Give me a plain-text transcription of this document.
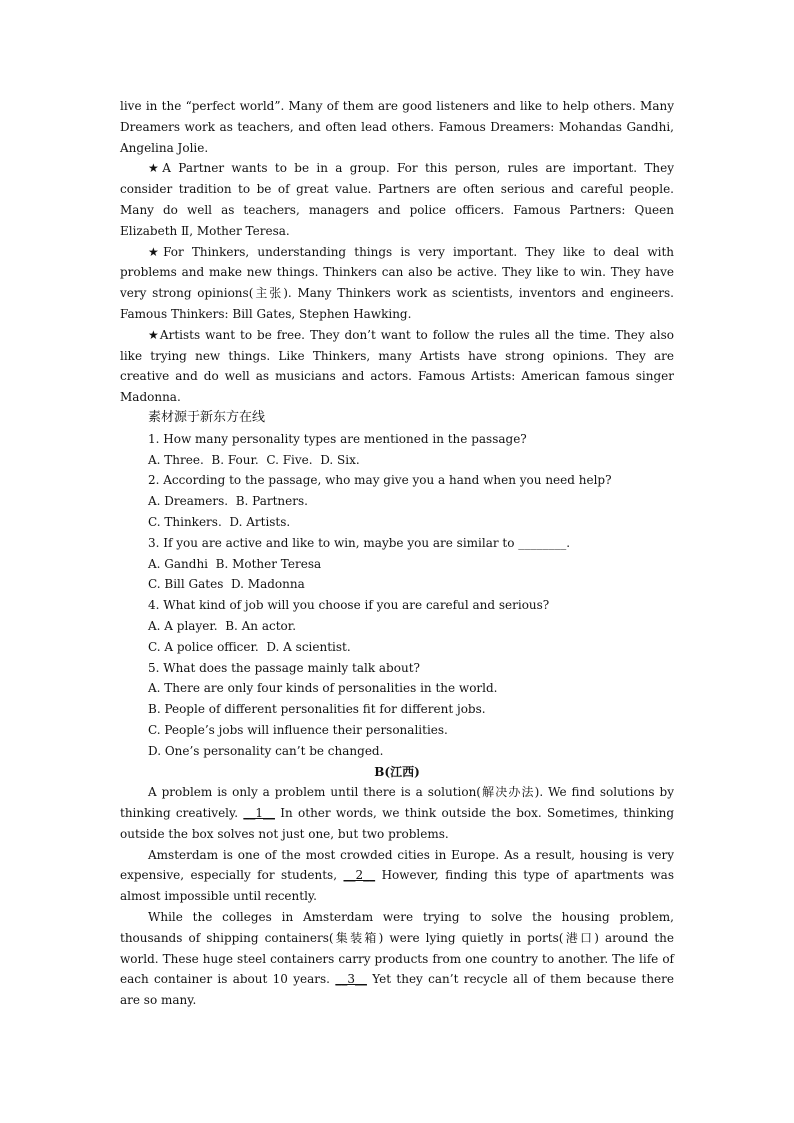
live in the “perfect world”. Many of them are good listeners and like to help others. Many Dreamers work as teachers, and often lead others. Famous Dreamers: Mohandas Gandhi, Angelina Jolie.

★A Partner wants to be in a group. For this person, rules are important. They consider tradition to be of great value. Partners are often serious and careful people. Many do well as teachers, managers and police officers. Famous Partners: Queen Elizabeth Ⅱ, Mother Teresa.

★For Thinkers, understanding things is very important. They like to deal with problems and make new things. Thinkers can also be active. They like to win. They have very strong opinions(主张). Many Thinkers work as scientists, inventors and engineers. Famous Thinkers: Bill Gates, Stephen Hawking.

★Artists want to be free. They don’t want to follow the rules all the time. They also like trying new things. Like Thinkers, many Artists have strong opinions. They are creative and do well as musicians and actors. Famous Artists: American famous singer Madonna.

素材源于新东方在线

1. How many personality types are mentioned in the passage?

A. Three.  B. Four.  C. Five.  D. Six.

2. According to the passage, who may give you a hand when you need help?

A. Dreamers.  B. Partners.

C. Thinkers.  D. Artists.

3. If you are active and like to win, maybe you are similar to ________.

A. Gandhi  B. Mother Teresa

C. Bill Gates  D. Madonna

4. What kind of job will you choose if you are careful and serious?

A. A player.  B. An actor.

C. A police officer.  D. A scientist.

5. What does the passage mainly talk about?

A. There are only four kinds of personalities in the world.

B. People of different personalities fit for different jobs.

C. People’s jobs will influence their personalities.

D. One’s personality can’t be changed.

B(江西)

A problem is only a problem until there is a solution(解决办法). We find solutions by thinking creatively. __1__ In other words, we think outside the box. Sometimes, thinking outside the box solves not just one, but two problems.

Amsterdam is one of the most crowded cities in Europe. As a result, housing is very expensive, especially for students, __2__ However, finding this type of apartments was almost impossible until recently.

While the colleges in Amsterdam were trying to solve the housing problem, thousands of shipping containers(集装箱) were lying quietly in ports(港口) around the world. These huge steel containers carry products from one country to another. The life of each container is about 10 years. __3__ Yet they can’t recycle all of them because there are so many.
